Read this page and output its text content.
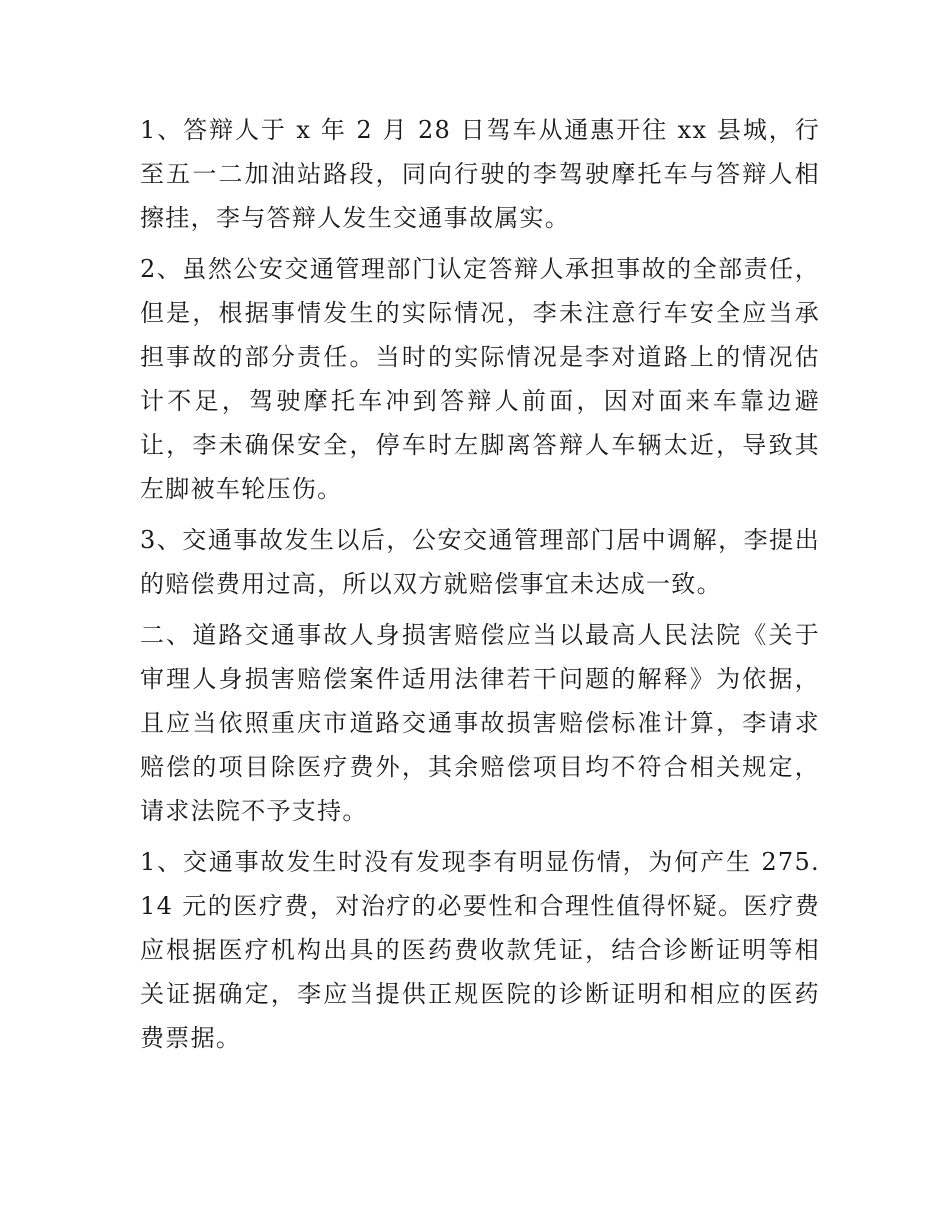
1、答辩人于 x 年 2 月 28 日驾车从通惠开往 xx 县城，行至五一二加油站路段，同向行驶的李驾驶摩托车与答辩人相擦挂，李与答辩人发生交通事故属实。

2、虽然公安交通管理部门认定答辩人承担事故的全部责任，但是，根据事情发生的实际情况，李未注意行车安全应当承担事故的部分责任。当时的实际情况是李对道路上的情况估计不足，驾驶摩托车冲到答辩人前面，因对面来车靠边避让，李未确保安全，停车时左脚离答辩人车辆太近，导致其左脚被车轮压伤。

3、交通事故发生以后，公安交通管理部门居中调解，李提出的赔偿费用过高，所以双方就赔偿事宜未达成一致。

二、道路交通事故人身损害赔偿应当以最高人民法院《关于审理人身损害赔偿案件适用法律若干问题的解释》为依据，且应当依照重庆市道路交通事故损害赔偿标准计算，李请求赔偿的项目除医疗费外，其余赔偿项目均不符合相关规定，请求法院不予支持。

1、交通事故发生时没有发现李有明显伤情，为何产生 275.14 元的医疗费，对治疗的必要性和合理性值得怀疑。医疗费应根据医疗机构出具的医药费收款凭证，结合诊断证明等相关证据确定，李应当提供正规医院的诊断证明和相应的医药费票据。
